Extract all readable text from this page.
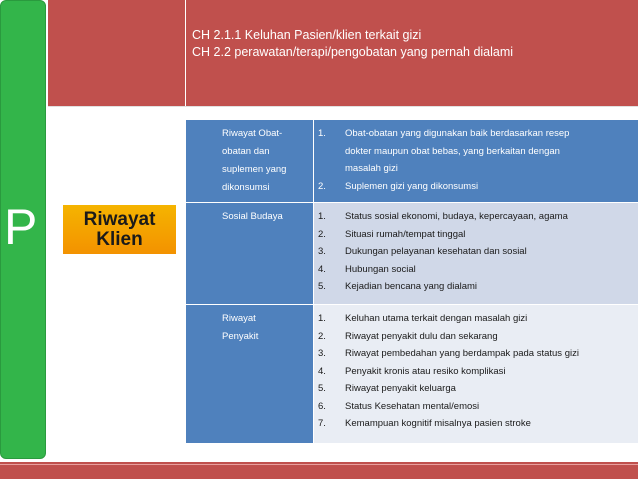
P
CH 2.1.1 Keluhan Pasien/klien terkait gizi
CH 2.2 perawatan/terapi/pengobatan yang pernah dialami
Riwayat
Klien
Riwayat Obat-
obatan dan
suplemen yang
dikonsumsi
1. Obat-obatan yang digunakan baik berdasarkan resep
dokter maupun obat bebas, yang berkaitan dengan
masalah gizi
2. Suplemen gizi yang dikonsumsi
Sosial Budaya	1. Status sosial ekonomi, budaya, kepercayaan, agama
2. Situasi rumah/tempat tinggal
3. Dukungan pelayanan kesehatan dan sosial
4. Hubungan social
5. Kejadian bencana yang dialami
Riwayat
Penyakit
1. Keluhan utama terkait dengan masalah gizi
2. Riwayat penyakit dulu dan sekarang
3. Riwayat pembedahan yang berdampak pada status gizi
4. Penyakit kronis atau resiko komplikasi
5. Riwayat penyakit keluarga
6. Status Kesehatan mental/emosi
7. Kemampuan kognitif misalnya pasien stroke
